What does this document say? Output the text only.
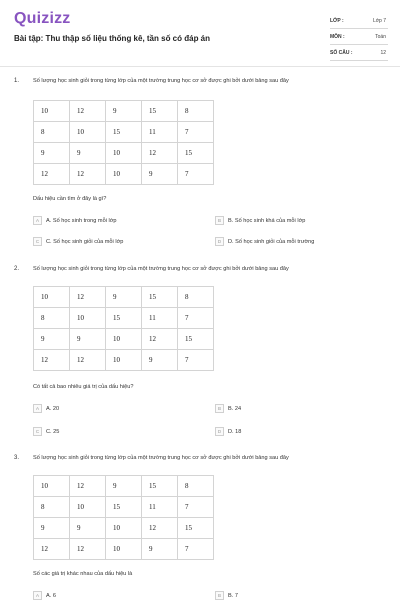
Quizizz
Bài tập: Thu thập số liệu thống kê, tần số có đáp án
LỚP :	Lớp 7
MÔN :	Toán
SỐ CÂU :	12
1. Số lượng học sinh giỏi trong từng lớp của một trường trung học cơ sở được ghi bởi dưới bảng sau đây
10	12	9	15	8
8	10	15	11	7
9	9	10	12	15
12	12	10	9	7
Dấu hiệu cần tìm ở đây là gì?
A	A. Số học sinh trong mỗi lớp	B	B. Số học sinh khá của mỗi lớp
C	C. Số học sinh giỏi của mỗi lớp	D	D. Số học sinh giỏi của mỗi trường
2. Số lượng học sinh giỏi trong từng lớp của một trường trung học cơ sở được ghi bởi dưới bảng sau đây
10	12	9	15	8
8	10	15	11	7
9	9	10	12	15
12	12	10	9	7
Có tất cả bao nhiêu giá trị của dấu hiệu?
A	A. 20	B	B. 24
C	C. 25	D	D. 18
3. Số lượng học sinh giỏi trong từng lớp của một trường trung học cơ sở được ghi bởi dưới bảng sau đây
10	12	9	15	8
8	10	15	11	7
9	9	10	12	15
12	12	10	9	7
Số các giá trị khác nhau của dấu hiệu là
A	A. 6	B	B. 7
